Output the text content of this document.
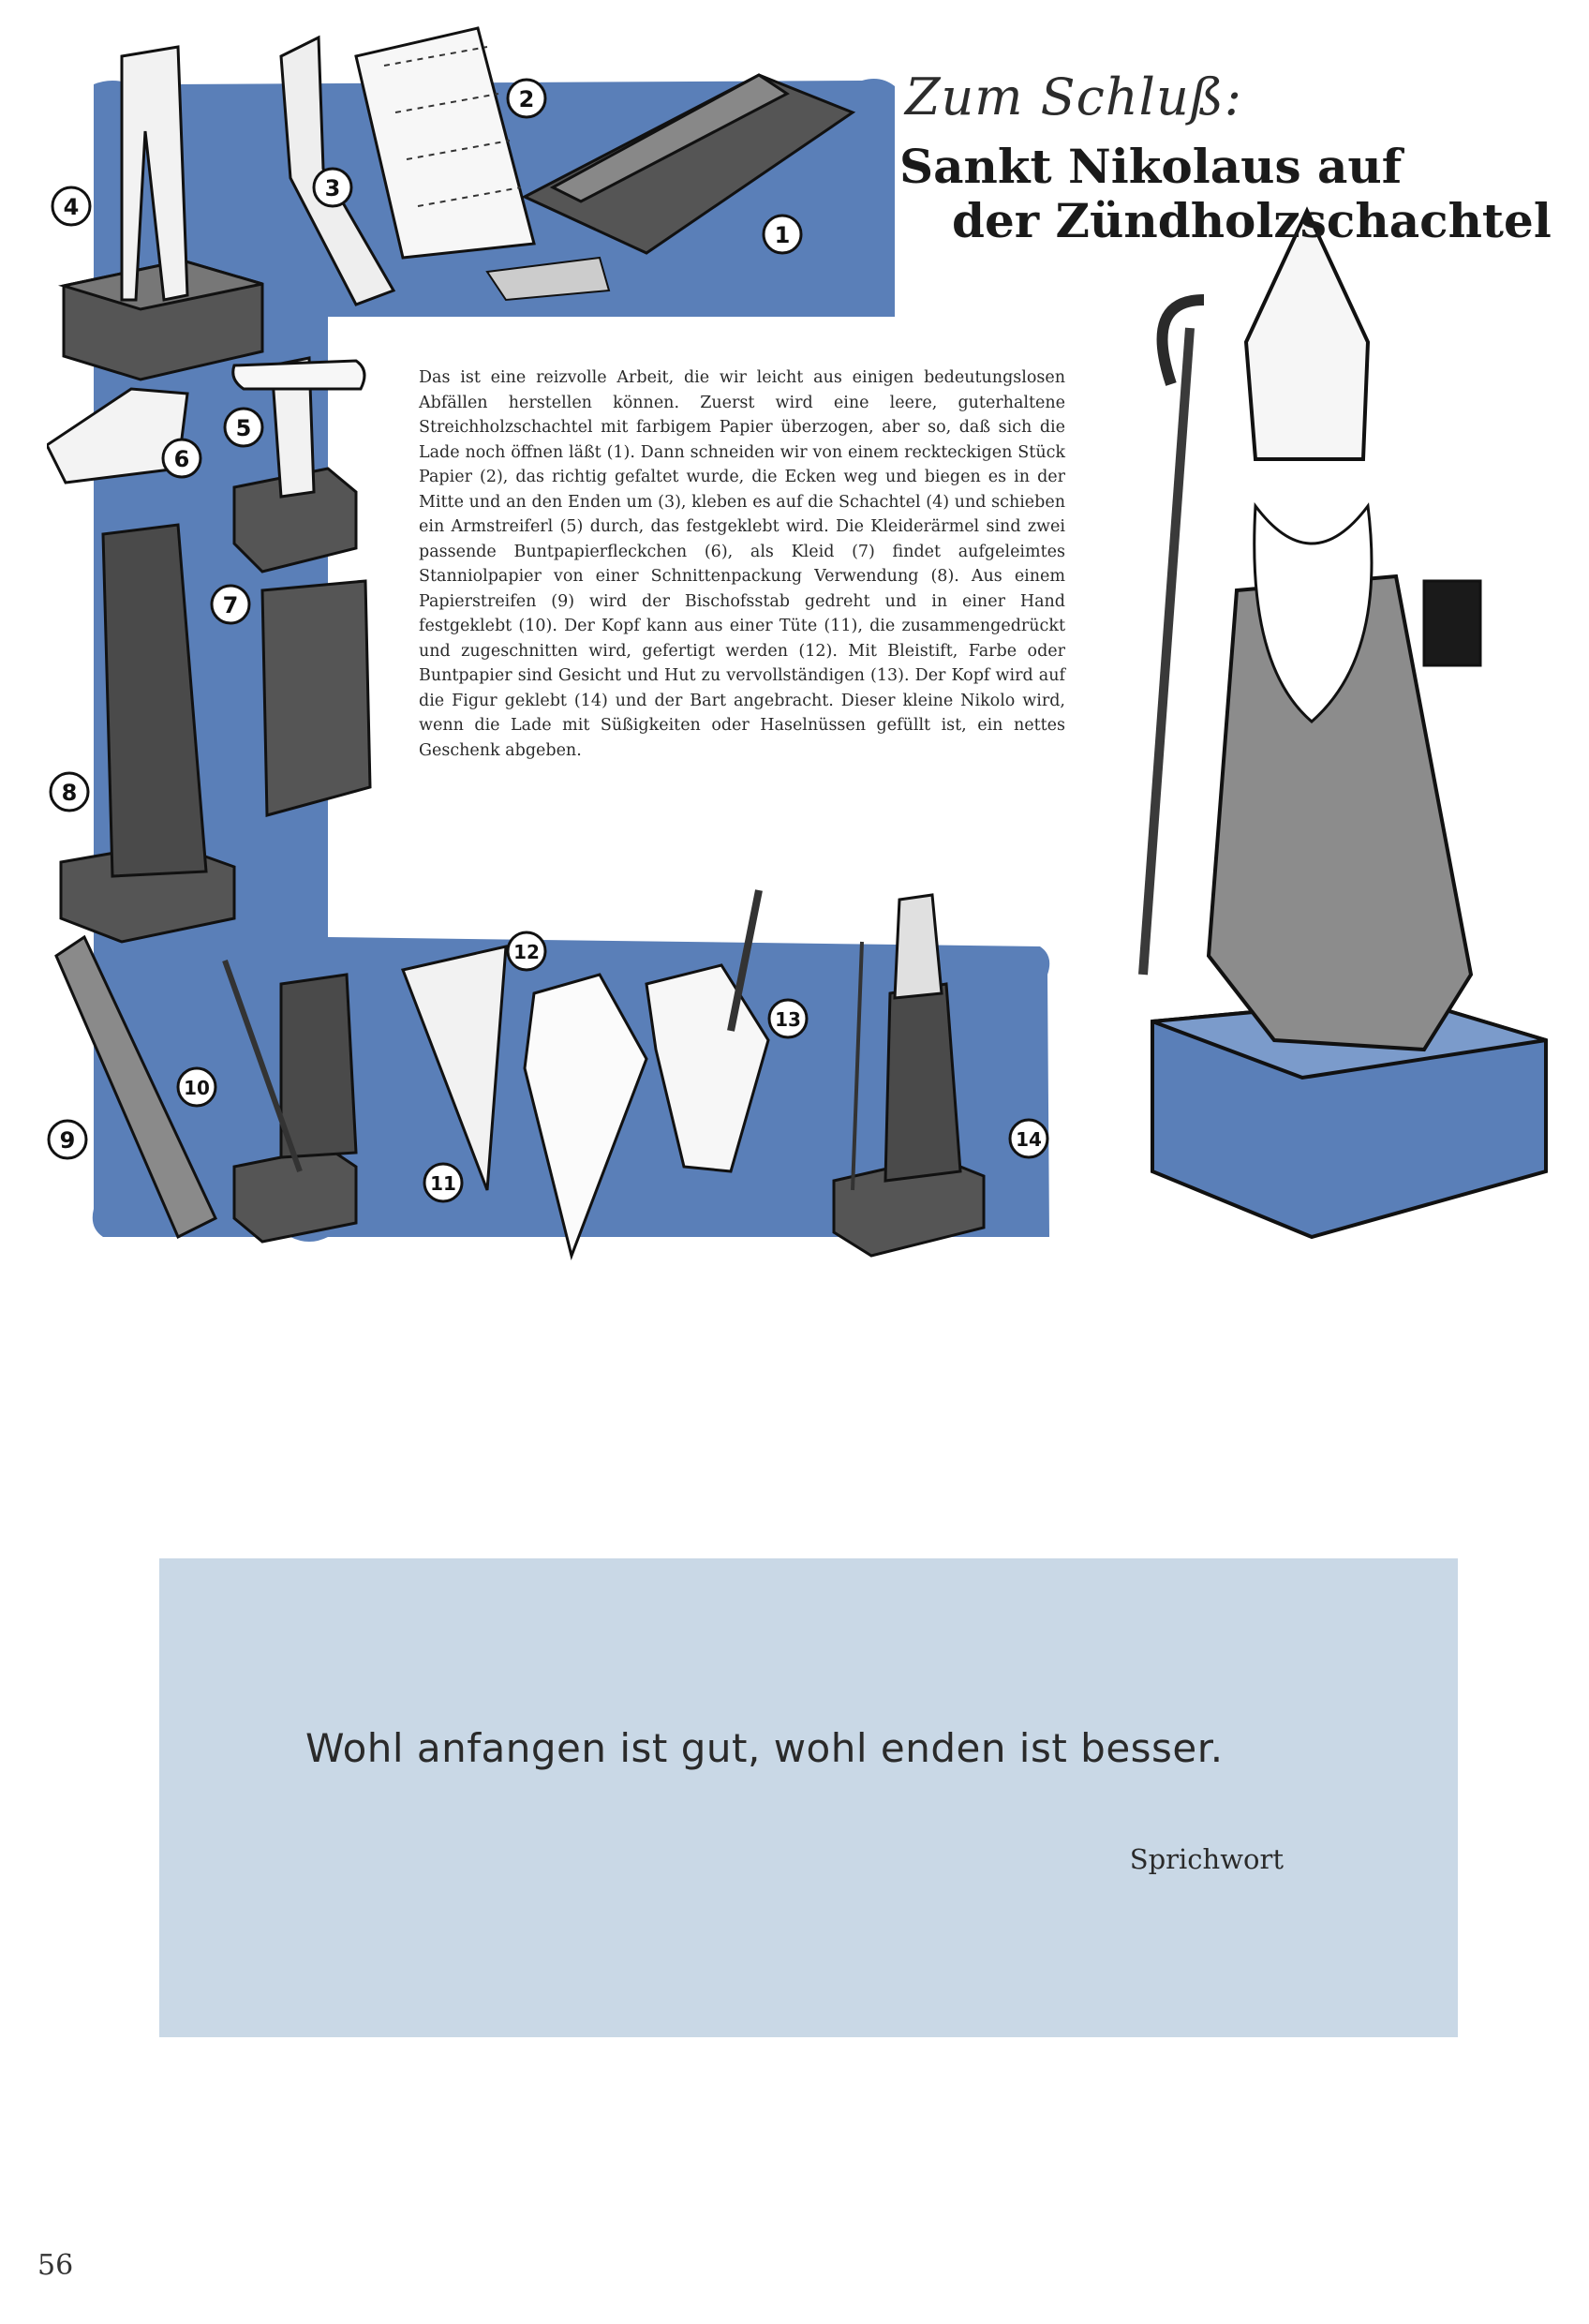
1
2
3
4
5
6
7
8
9
10
11
12
13
14
Zum Schluß:
Sankt Nikolaus auf
der Zündholzschachtel

Das ist eine reizvolle Arbeit, die wir leicht aus einigen bedeutungslosen Abfällen herstellen können. Zuerst wird eine leere, guterhaltene Streichholzschachtel mit farbigem Papier überzogen, aber so, daß sich die Lade noch öffnen läßt (1). Dann schneiden wir von einem reckteckigen Stück Papier (2), das richtig gefaltet wurde, die Ecken weg und biegen es in der Mitte und an den Enden um (3), kleben es auf die Schachtel (4) und schieben ein Armstreiferl (5) durch, das festgeklebt wird. Die Kleiderärmel sind zwei passende Buntpapierfleckchen (6), als Kleid (7) findet aufgeleimtes Stanniolpapier von einer Schnittenpackung Verwendung (8). Aus einem Papierstreifen (9) wird der Bischofsstab gedreht und in einer Hand festgeklebt (10). Der Kopf kann aus einer Tüte (11), die zusammengedrückt und zugeschnitten wird, gefertigt werden (12). Mit Bleistift, Farbe oder Buntpapier sind Gesicht und Hut zu vervollständigen (13). Der Kopf wird auf die Figur geklebt (14) und der Bart angebracht. Dieser kleine Nikolo wird, wenn die Lade mit Süßigkeiten oder Haselnüssen gefüllt ist, ein nettes Geschenk abgeben.

Wohl anfangen ist gut, wohl enden ist besser.

Sprichwort
56
